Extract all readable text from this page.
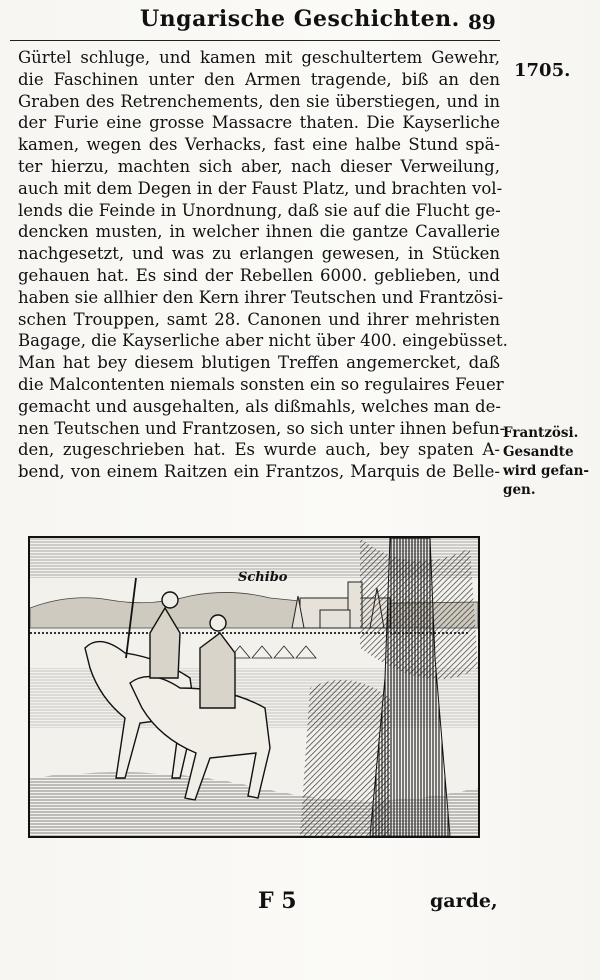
Ungarische Geschichten. 89
1705.
Gürtel schluge, und kamen mit geschultertem Gewehr,
die Faschinen unter den Armen tragende, biß an den
Graben des Retrenchements, den sie überstiegen, und in
der Furie eine grosse Massacre thaten. Die Kayserliche
kamen, wegen des Verhacks, fast eine halbe Stund spä-
ter hierzu, machten sich aber, nach dieser Verweilung,
auch mit dem Degen in der Faust Platz, und brachten vol-
lends die Feinde in Unordnung, daß sie auf die Flucht ge-
dencken musten, in welcher ihnen die gantze Cavallerie
nachgesetzt, und was zu erlangen gewesen, in Stücken
gehauen hat. Es sind der Rebellen 6000. geblieben, und
haben sie allhier den Kern ihrer Teutschen und Frantzösi-
schen Trouppen, samt 28. Canonen und ihrer mehristen
Bagage, die Kayserliche aber nicht über 400. eingebüsset.
Man hat bey diesem blutigen Treffen angemercket, daß
die Malcontenten niemals sonsten ein so regulaires Feuer
gemacht und ausgehalten, als dißmahls, welches man de-
nen Teutschen und Frantzosen, so sich unter ihnen befun-
den, zugeschrieben hat. Es wurde auch, bey spaten A-
bend, von einem Raitzen ein Frantzos, Marquis de Belle-
Frantzösi.
Gesandte
wird gefan-
gen.
Schibo
F 5	garde,
